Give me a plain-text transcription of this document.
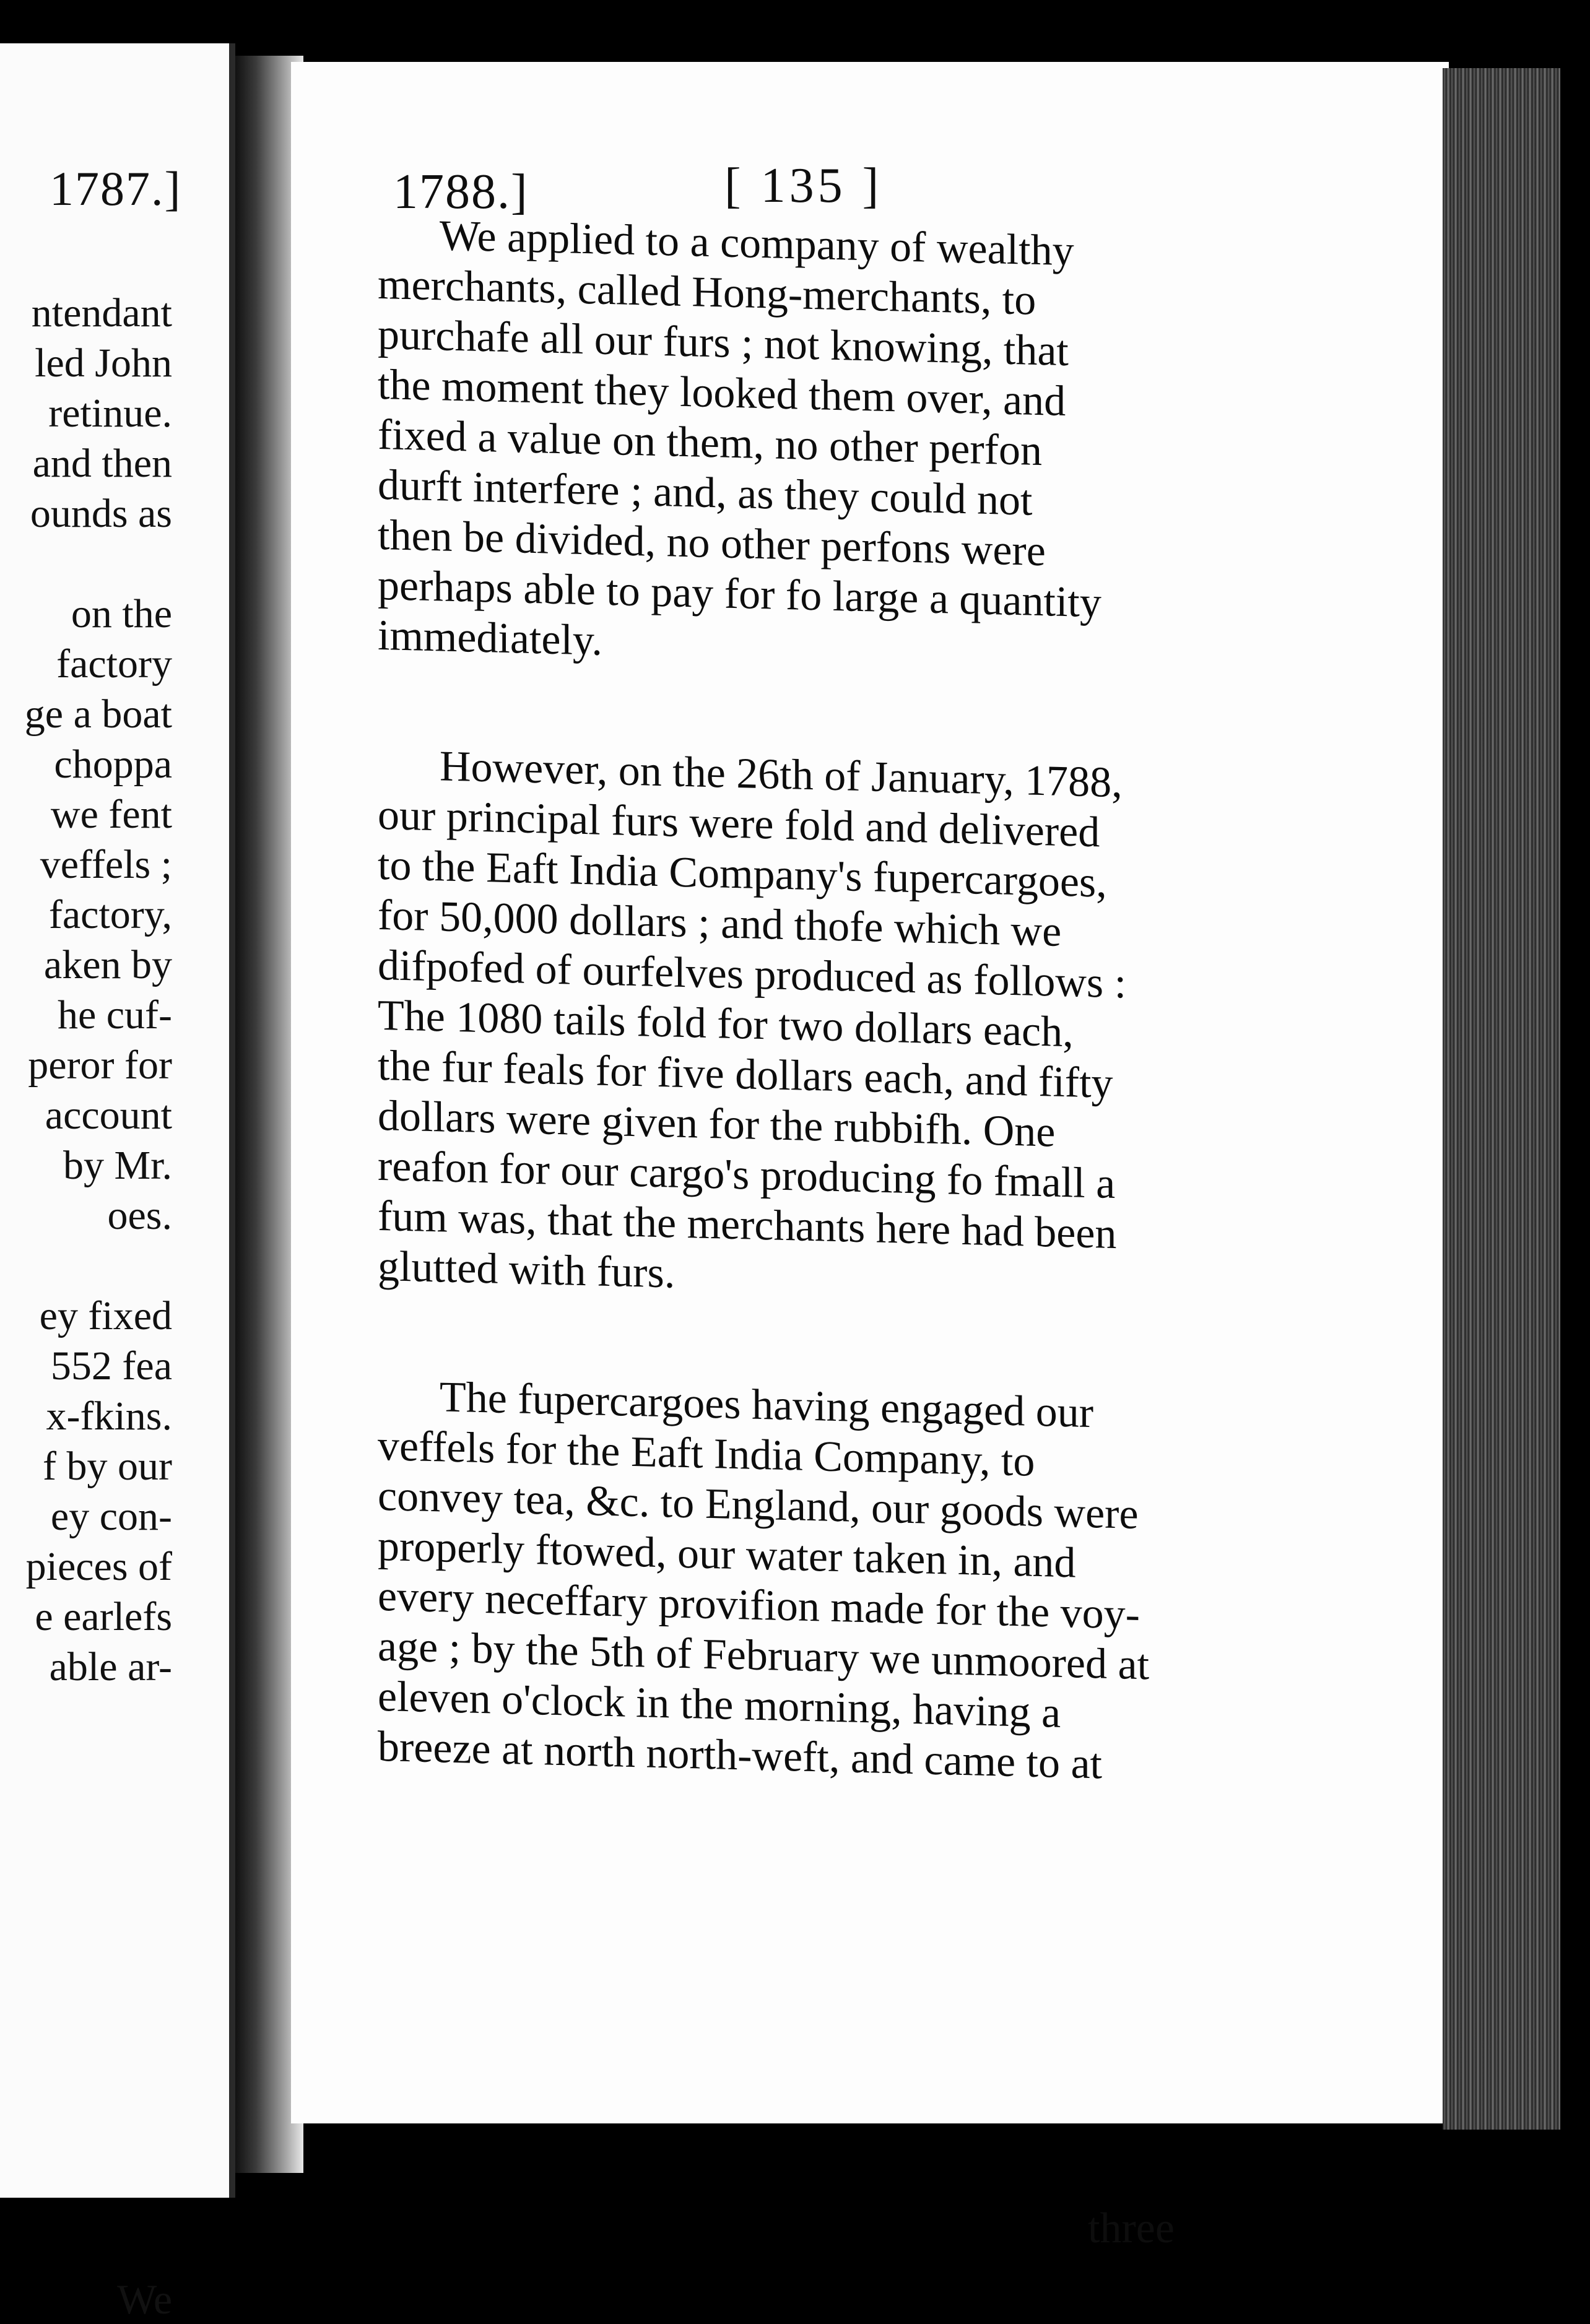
1787.]
ntendant
led John
retinue.
and then
ounds as
on the
factory
ge a boat
choppa
we fent
veffels ;
factory,
aken by
he cuf-
peror for
account
by Mr.
oes.
ey fixed
552 fea
x-fkins.
f by our
ey con-
pieces of
e earlefs
able ar-
We
1788.]	[ 135 ]
We applied to a company of wealthy
merchants, called Hong-merchants, to
purchafe all our furs ; not knowing, that
the moment they looked them over, and
fixed a value on them, no other perfon
durft interfere ; and, as they could not
then be divided, no other perfons were
perhaps able to pay for fo large a quantity
immediately.
However, on the 26th of January, 1788,
our principal furs were fold and delivered
to the Eaft India Company's fupercargoes,
for 50,000 dollars ; and thofe which we
difpofed of ourfelves produced as follows :
The 1080 tails fold for two dollars each,
the fur feals for five dollars each, and fifty
dollars were given for the rubbifh. One
reafon for our cargo's producing fo fmall a
fum was, that the merchants here had been
glutted with furs.
The fupercargoes having engaged our
veffels for the Eaft India Company, to
convey tea, &c. to England, our goods were
properly ftowed, our water taken in, and
every neceffary provifion made for the voy-
age ; by the 5th of February we unmoored at
eleven o'clock in the morning, having a
breeze at north north-weft, and came to at
three
